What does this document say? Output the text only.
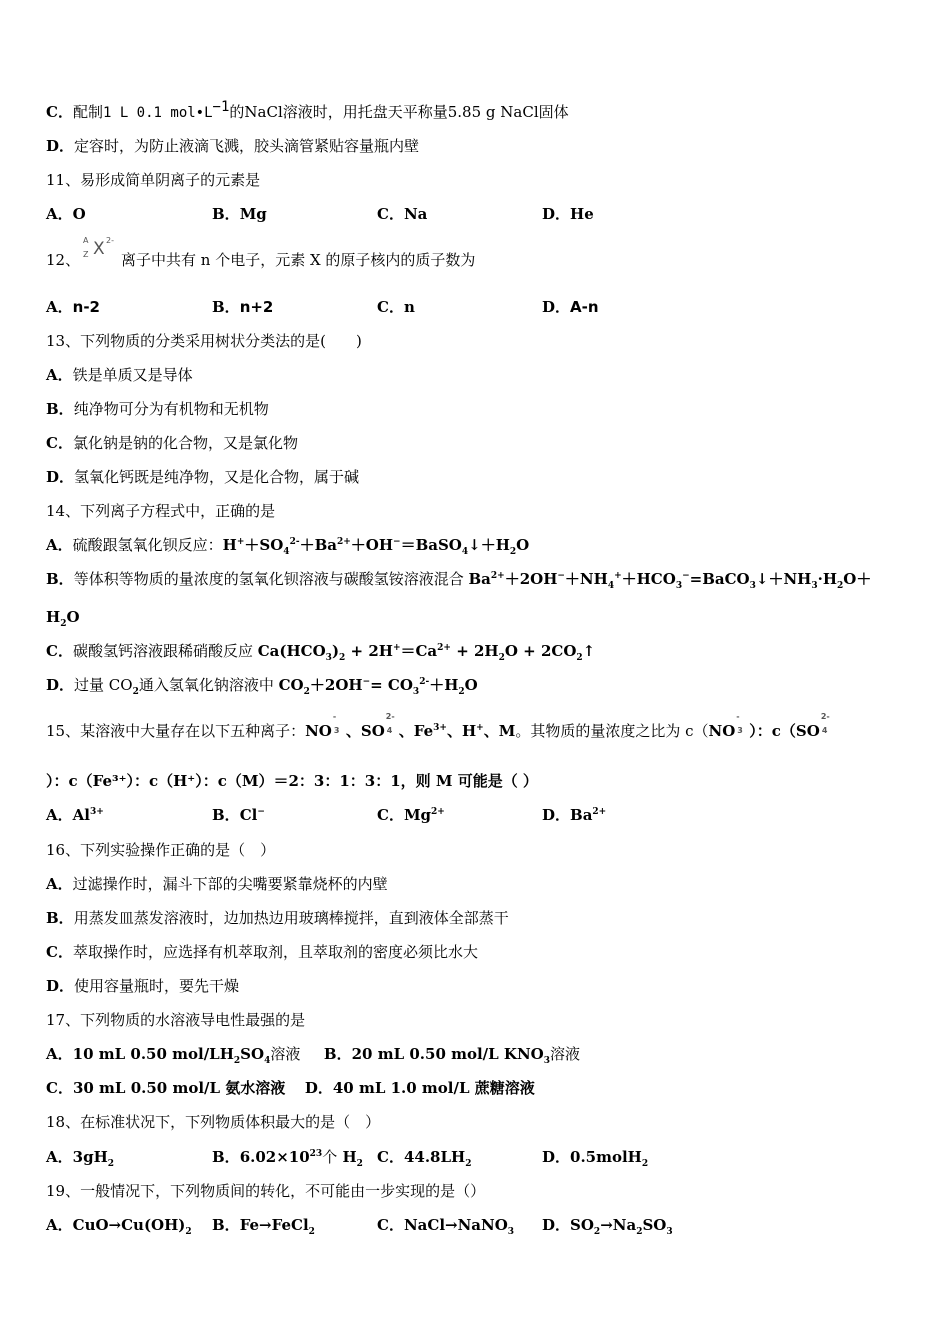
C．配制1 L 0.1 $mol•L^{-1}$的NaCl溶液时，用托盘天平称量5.85 g NaCl固体
D．定容时，为防止液滴飞溅，胶头滴管紧贴容量瓶内壁
11、易形成简单阴离子的元素是
A．O	B．Mg	C．Na	D．He
12、
A
Z X 2-
离子中共有 n 个电子，元素 X 的原子核内的质子数为
A．n-2	B．n+2	C．n	D．A-n
13、下列物质的分类采用树状分类法的是(　　)
A．铁是单质又是导体
B．纯净物可分为有机物和无机物
C．氯化钠是钠的化合物，又是氯化物
D．氢氧化钙既是纯净物，又是化合物，属于碱
14、下列离子方程式中，正确的是
A．硫酸跟氢氧化钡反应：$H^++SO_4^{2-}+Ba^{2+}+OH^-=BaSO_4↓+H_2O$
B．等体积等物质的量浓度的氢氧化钡溶液与碳酸氢铵溶液混合 $Ba^{2+}+2OH^-+NH_4^++HCO_3^-=BaCO_3↓+NH_3\cdot H_2O+$
$H_2O$
C．碳酸氢钙溶液跟稀硝酸反应 $Ca(HCO_3)_2 + 2H^+=Ca^{2+} + 2H_2O$ + $2CO_2↑$
D．过量 $CO_2$通入氢氧化钠溶液中 $CO_2+2OH^-= CO_3^{2-}+H_2O$
15、某溶液中大量存在以下五种离子：NO
-
3 、SO
2-
4 、$Fe^{3+}$、H+、M。其物质的量浓度之比为 c（NO
-
3 ）：c（SO
2-
4
）：c（Fe³⁺）：c（H⁺）：c（M）＝2：3：1：3：1，则 M 可能是（ ）
A．$Al^{3+}$	B．Cl−	C．$Mg^{2+}$	D．$Ba^{2+}$
16、下列实验操作正确的是（　）
A．过滤操作时，漏斗下部的尖嘴要紧靠烧杯的内壁
B．用蒸发皿蒸发溶液时，边加热边用玻璃棒搅拌，直到液体全部蒸干
C．萃取操作时，应选择有机萃取剂，且萃取剂的密度必须比水大
D．使用容量瓶时，要先干燥
17、下列物质的水溶液导电性最强的是
A．10 mL 0.50 mol/$LH_2SO_4$溶液 B．20 mL 0.50 mol/L $KNO_3$溶液
C．30 mL 0.50 mol/L 氨水溶液 D．40 mL 1.0 mol/L 蔗糖溶液
18、在标准状况下，下列物质体积最大的是（　）
A．$3gH_2$	B．$6.02\times 10^{23}$个 $H_2$ C．$44.8LH_2$	D．0.5molH$_2$
19、一般情况下，下列物质间的转化，不可能由一步实现的是（）
A．$CuO\to Cu(OH)_2$ B．Fe→FeCl$_2$	C．NaCl→NaNO$_3$ D．$SO_2\to Na_2SO_3$
